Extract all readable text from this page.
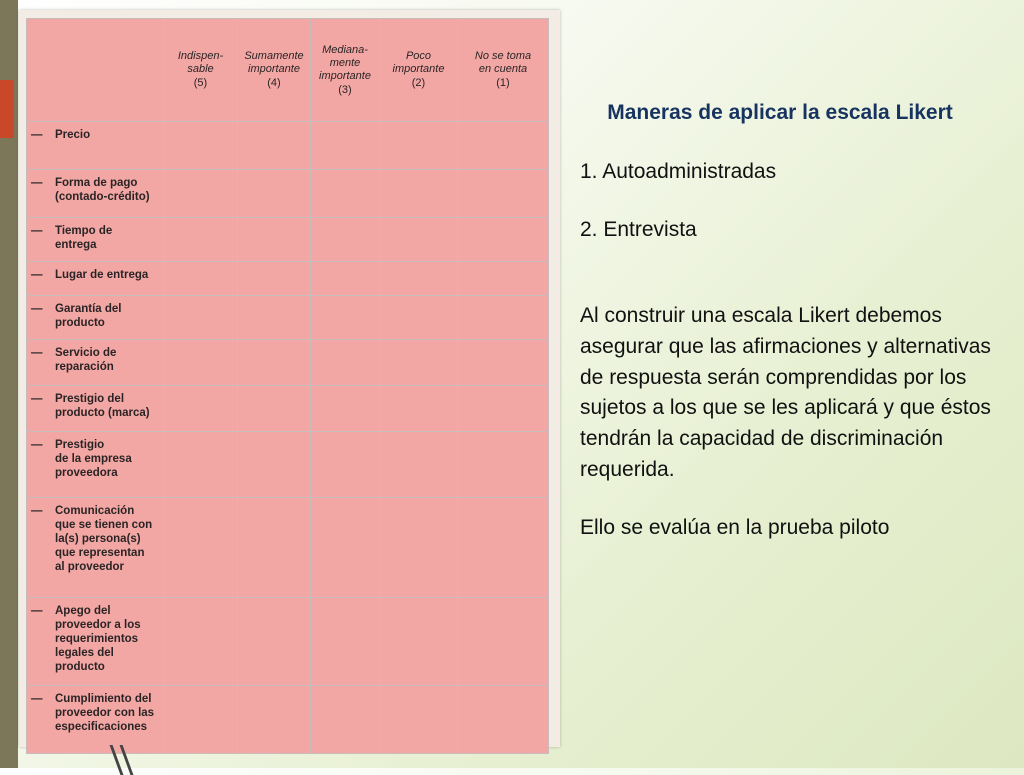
	Indispen-
sable
(5)	Sumamente
importante
(4)	Mediana-
mente
importante
(3)	Poco
importante
(2)	No se toma
en cuenta
(1)

— Precio					
— Forma de pago
(contado-crédito)					
— Tiempo de
entrega					
— Lugar de entrega					
— Garantía del
producto					
— Servicio de
reparación					
— Prestigio del
producto (marca)					
— Prestigio
de la empresa
proveedora					
— Comunicación
que se tienen con
la(s) persona(s)
que representan
al proveedor					
— Apego del
proveedor a los
requerimientos
legales del
producto					
— Cumplimiento del
proveedor con las
especificaciones					
Maneras de aplicar la escala Likert

1. Autoadministradas

2. Entrevista

Al construir una escala Likert debemos asegurar que las afirmaciones y alternativas de respuesta serán comprendidas por los sujetos a los que se les aplicará y que éstos tendrán la capacidad de discriminación requerida.

Ello se evalúa en la prueba piloto
